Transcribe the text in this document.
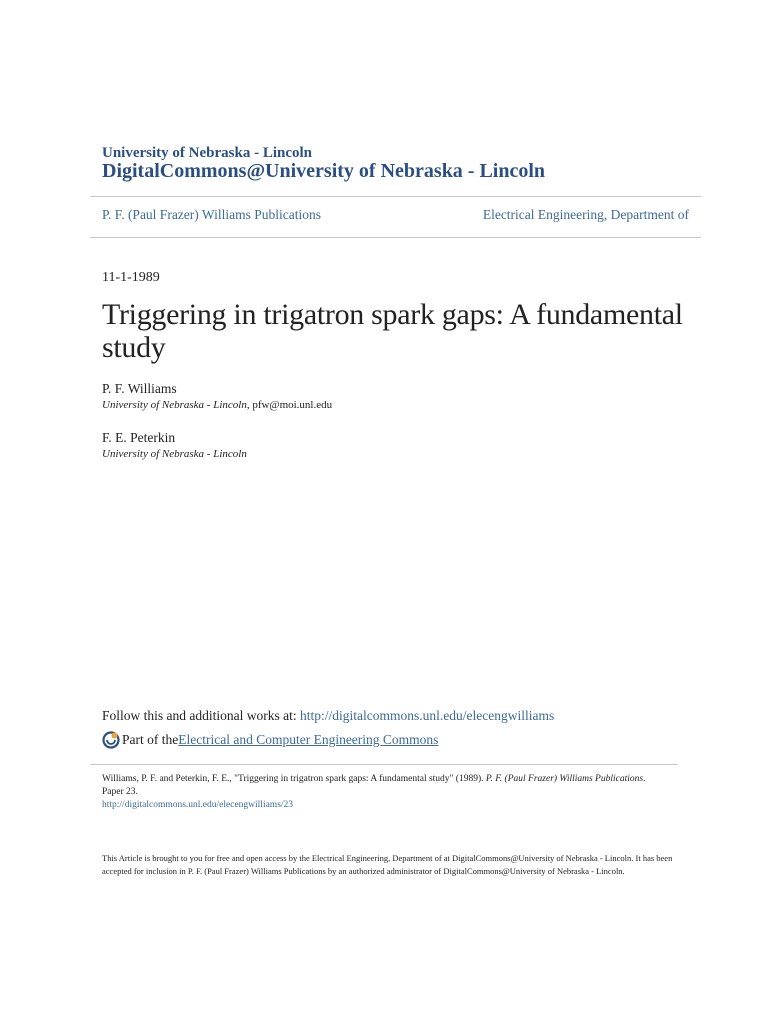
University of Nebraska - Lincoln
DigitalCommons@University of Nebraska - Lincoln
P. F. (Paul Frazer) Williams Publications	Electrical Engineering, Department of
11-1-1989
Triggering in trigatron spark gaps: A fundamental study
P. F. Williams
University of Nebraska - Lincoln, pfw@moi.unl.edu
F. E. Peterkin
University of Nebraska - Lincoln
Follow this and additional works at: http://digitalcommons.unl.edu/elecengwilliams
Part of the Electrical and Computer Engineering Commons
Williams, P. F. and Peterkin, F. E., "Triggering in trigatron spark gaps: A fundamental study" (1989). P. F. (Paul Frazer) Williams Publications. Paper 23.
http://digitalcommons.unl.edu/elecengwilliams/23
This Article is brought to you for free and open access by the Electrical Engineering, Department of at DigitalCommons@University of Nebraska - Lincoln. It has been accepted for inclusion in P. F. (Paul Frazer) Williams Publications by an authorized administrator of DigitalCommons@University of Nebraska - Lincoln.
